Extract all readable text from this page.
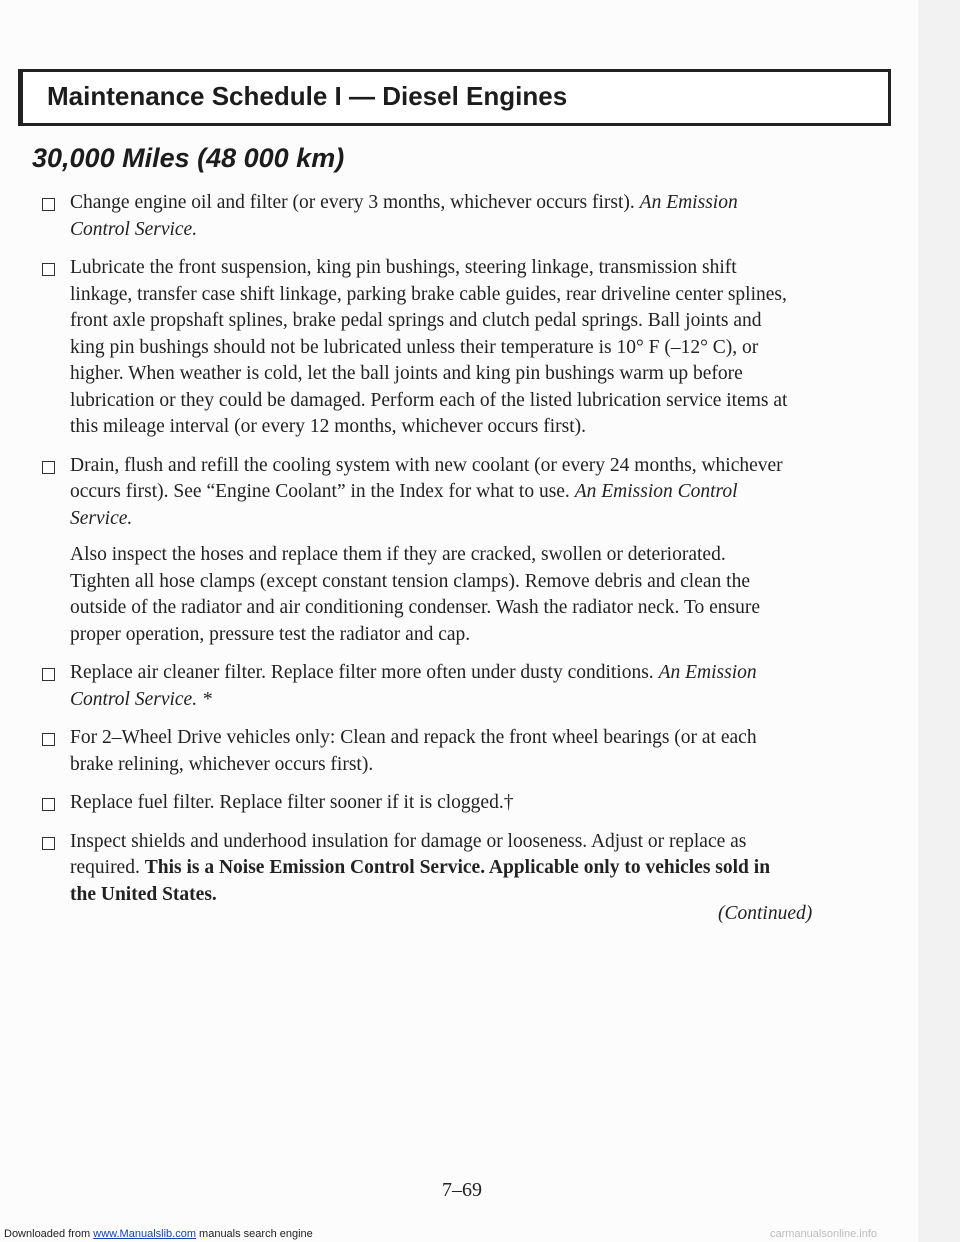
Maintenance Schedule I — Diesel Engines
30,000 Miles (48 000 km)
Change engine oil and filter (or every 3 months, whichever occurs first). An Emission Control Service.
Lubricate the front suspension, king pin bushings, steering linkage, transmission shift linkage, transfer case shift linkage, parking brake cable guides, rear driveline center splines, front axle propshaft splines, brake pedal springs and clutch pedal springs. Ball joints and king pin bushings should not be lubricated unless their temperature is 10° F (–12° C), or higher. When weather is cold, let the ball joints and king pin bushings warm up before lubrication or they could be damaged. Perform each of the listed lubrication service items at this mileage interval (or every 12 months, whichever occurs first).
Drain, flush and refill the cooling system with new coolant (or every 24 months, whichever occurs first). See “Engine Coolant” in the Index for what to use. An Emission Control Service.
Also inspect the hoses and replace them if they are cracked, swollen or deteriorated. Tighten all hose clamps (except constant tension clamps). Remove debris and clean the outside of the radiator and air conditioning condenser. Wash the radiator neck. To ensure proper operation, pressure test the radiator and cap.
Replace air cleaner filter. Replace filter more often under dusty conditions. An Emission Control Service. *
For 2–Wheel Drive vehicles only: Clean and repack the front wheel bearings (or at each brake relining, whichever occurs first).
Replace fuel filter. Replace filter sooner if it is clogged.†
Inspect shields and underhood insulation for damage or looseness. Adjust or replace as required. This is a Noise Emission Control Service. Applicable only to vehicles sold in the United States.
(Continued)
7–69
Downloaded from www.Manualslib.com manuals search engine	carmanualsonline.info
